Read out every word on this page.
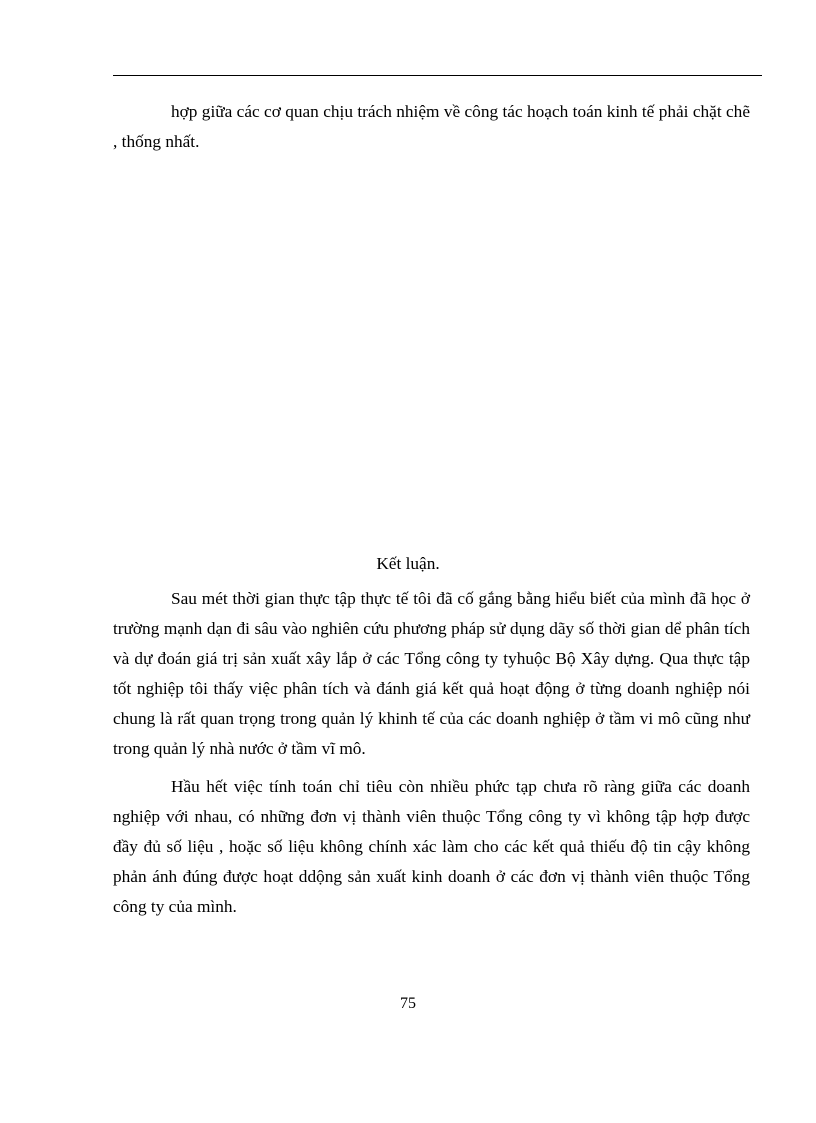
hợp giữa các cơ quan chịu trách nhiệm về công tác hoạch toán kinh tế phải chặt chẽ , thống nhất.

Kết luận.

Sau mét thời gian thực tập thực tế tôi đã cố gắng bằng hiểu biết của mình đã học ở trường mạnh dạn đi sâu vào nghiên cứu phương pháp sử dụng dãy số thời gian dể phân tích và dự đoán giá trị sản xuất xây lắp ở các Tổng công ty tyhuộc Bộ Xây dựng. Qua thực tập tốt nghiệp tôi thấy việc phân tích và đánh giá kết quả hoạt động ở từng doanh nghiệp nói chung là rất quan trọng trong quản lý khinh tế của các doanh nghiệp ở tầm vi mô cũng như trong quản lý nhà nước ở tầm vĩ mô.

Hầu hết việc tính toán chỉ tiêu còn nhiều phức tạp chưa rõ ràng giữa các doanh nghiệp với nhau, có những đơn vị thành viên thuộc Tổng công ty vì không tập hợp được đầy đủ số liệu , hoặc số liệu không chính xác làm cho các kết quả thiếu độ tin cậy không phản ánh đúng được hoạt ddộng sản xuất kinh doanh ở các đơn vị thành viên thuộc Tổng công ty của mình.

75
